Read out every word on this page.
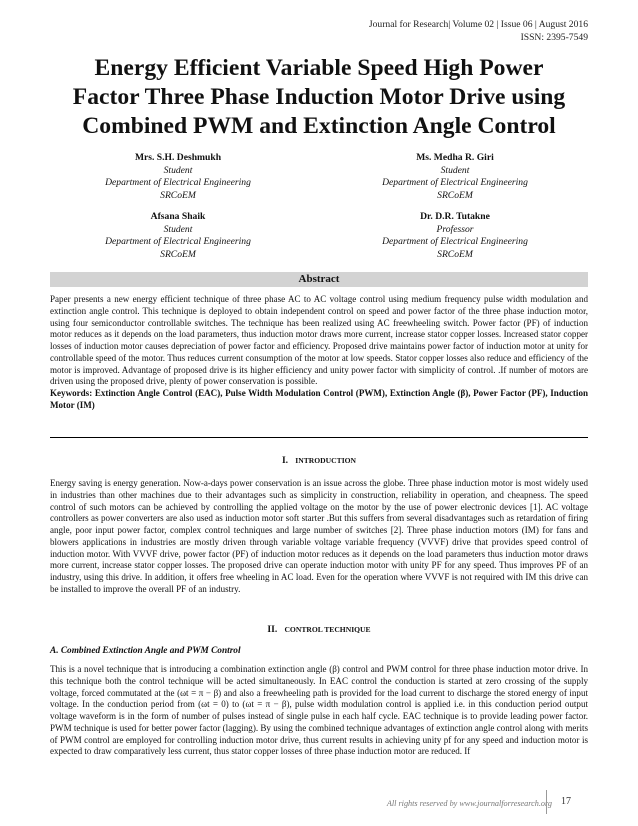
Journal for Research| Volume 02 | Issue 06 | August 2016
ISSN: 2395-7549
Energy Efficient Variable Speed High Power
Factor Three Phase Induction Motor Drive using
Combined PWM and Extinction Angle Control
Mrs. S.H. Deshmukh
Student
Department of Electrical Engineering
SRCoEM
Ms. Medha R. Giri
Student
Department of Electrical Engineering
SRCoEM
Afsana Shaik
Student
Department of Electrical Engineering
SRCoEM
Dr. D.R. Tutakne
Professor
Department of Electrical Engineering
SRCoEM
Abstract

Paper presents a new energy efficient technique of three phase AC to AC voltage control using medium frequency pulse width modulation and extinction angle control. This technique is deployed to obtain independent control on speed and power factor of the three phase induction motor, using four semiconductor controllable switches. The technique has been realized using AC freewheeling switch. Power factor (PF) of induction motor reduces as it depends on the load parameters, thus induction motor draws more current, increase stator copper losses. Increased stator copper losses of induction motor causes depreciation of power factor and efficiency. Proposed drive maintains power factor of induction motor at unity for controllable speed of the motor. Thus reduces current consumption of the motor at low speeds. Stator copper losses also reduce and efficiency of the motor is improved. Advantage of proposed drive is its higher efficiency and unity power factor with simplicity of control. .If number of motors are driven using the proposed drive, plenty of power conservation is possible.
Keywords: Extinction Angle Control (EAC), Pulse Width Modulation Control (PWM), Extinction Angle (β), Power Factor (PF), Induction Motor (IM)

I. INTRODUCTION

Energy saving is energy generation. Now-a-days power conservation is an issue across the globe. Three phase induction motor is most widely used in industries than other machines due to their advantages such as simplicity in construction, reliability in operation, and cheapness. The speed control of such motors can be achieved by controlling the applied voltage on the motor by the use of power electronic devices [1]. AC voltage controllers as power converters are also used as induction motor soft starter .But this suffers from several disadvantages such as retardation of firing angle, poor input power factor, complex control techniques and large number of switches [2]. Three phase induction motors (IM) for fans and blowers applications in industries are mostly driven through variable voltage variable frequency (VVVF) drive that provides speed control of induction motor. With VVVF drive, power factor (PF) of induction motor reduces as it depends on the load parameters thus induction motor draws more current, increase stator copper losses. The proposed drive can operate induction motor with unity PF for any speed. Thus improves PF of an industry, using this drive. In addition, it offers free wheeling in AC load. Even for the operation where VVVF is not required with IM this drive can be installed to improve the overall PF of an industry.

II. CONTROL TECHNIQUE
A. Combined Extinction Angle and PWM Control

This is a novel technique that is introducing a combination extinction angle (β) control and PWM control for three phase induction motor drive. In this technique both the control technique will be acted simultaneously. In EAC control the conduction is started at zero crossing of the supply voltage, forced commutated at the (ωt = π − β) and also a freewheeling path is provided for the load current to discharge the stored energy of input voltage. In the conduction period from (ωt = 0) to (ωt = π − β), pulse width modulation control is applied i.e. in this conduction period output voltage waveform is in the form of number of pulses instead of single pulse in each half cycle. EAC technique is to provide leading power factor. PWM technique is used for better power factor (lagging). By using the combined technique advantages of extinction angle control along with merits of PWM control are employed for controlling induction motor drive, thus current results in achieving unity pf for any speed and induction motor is expected to draw comparatively less current, thus stator copper losses of three phase induction motor are reduced. If

All rights reserved by www.journalforresearch.org 17
